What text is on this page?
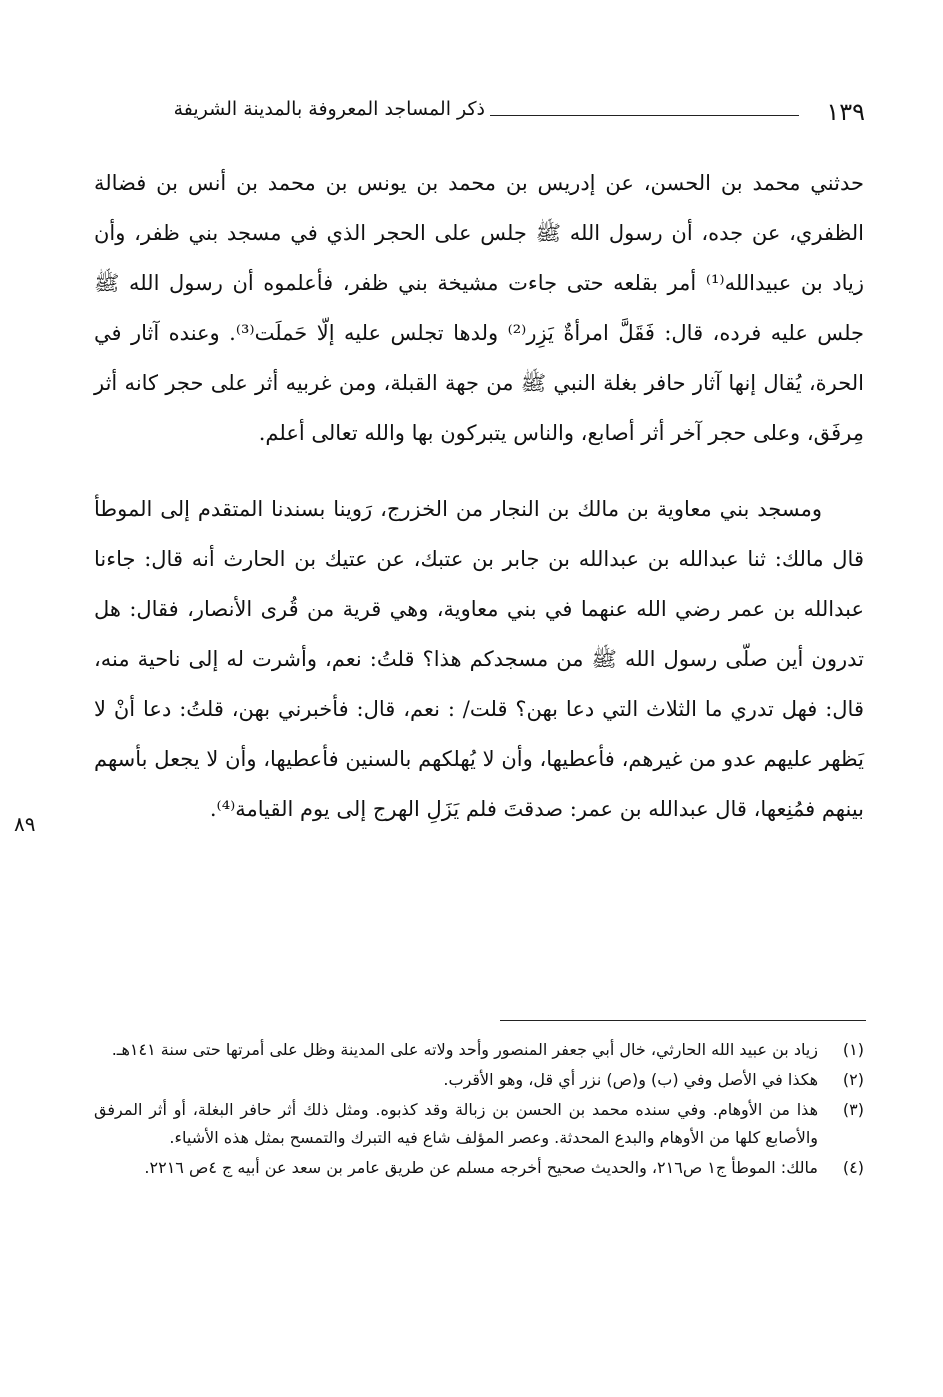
١٣٩
ذكر المساجد المعروفة بالمدينة الشريفة

حدثني محمد بن الحسن، عن إدريس بن محمد بن يونس بن محمد بن أنس بن فضالة الظفري، عن جده، أن رسول الله ﷺ جلس على الحجر الذي في مسجد بني ظفر، وأن زياد بن عبيدالله⁽¹⁾ أمر بقلعه حتى جاءت مشيخة بني ظفر، فأعلموه أن رسول الله ﷺ جلس عليه فرده، قال: فَقَلَّ امرأةٌ يَزِر⁽²⁾ ولدها تجلس عليه إلّا حَملَت⁽³⁾. وعنده آثار في الحرة، يُقال إنها آثار حافر بغلة النبي ﷺ من جهة القبلة، ومن غربيه أثر على حجر كانه أثر مِرفَق، وعلى حجر آخر أثر أصابع، والناس يتبركون بها والله تعالى أعلم.

ومسجد بني معاوية بن مالك بن النجار من الخزرج، رَوينا بسندنا المتقدم إلى الموطأ قال مالك: ثنا عبدالله بن عبدالله بن جابر بن عتبك، عن عتيك بن الحارث أنه قال: جاءنا عبدالله بن عمر رضي الله عنهما في بني معاوية، وهي قرية من قُرى الأنصار، فقال: هل تدرون أين صلّى رسول الله ﷺ من مسجدكم هذا؟ قلتُ: نعم، وأشرت له إلى ناحية منه، قال: فهل تدري ما الثلاث التي دعا بهن؟ قلت/ : نعم، قال: فأخبرني بهن، قلتُ: دعا أنْ لا يَظهر عليهم عدو من غيرهم، فأعطيها، وأن لا يُهلكهم بالسنين فأعطيها، وأن لا يجعل بأسهم بينهم فمُنِعها، قال عبدالله بن عمر: صدقتَ فلم يَزَلِ الهرج إلى يوم القيامة⁽⁴⁾.

٨٩
(١)
زياد بن عبيد الله الحارثي، خال أبي جعفر المنصور وأحد ولاته على المدينة وظل على أمرتها حتى سنة ١٤١هـ.
(٢)
هكذا في الأصل وفي (ب) و(ص) نزر أي قل، وهو الأقرب.
(٣)
هذا من الأوهام. وفي سنده محمد بن الحسن بن زبالة وقد كذبوه. ومثل ذلك أثر حافر البغلة، أو أثر المرفق والأصابع كلها من الأوهام والبدع المحدثة. وعصر المؤلف شاع فيه التبرك والتمسح بمثل هذه الأشياء.
(٤)
مالك: الموطأ ج١ ص٢١٦، والحديث صحيح أخرجه مسلم عن طريق عامر بن سعد عن أبيه ج ٤ص ٢٢١٦.
